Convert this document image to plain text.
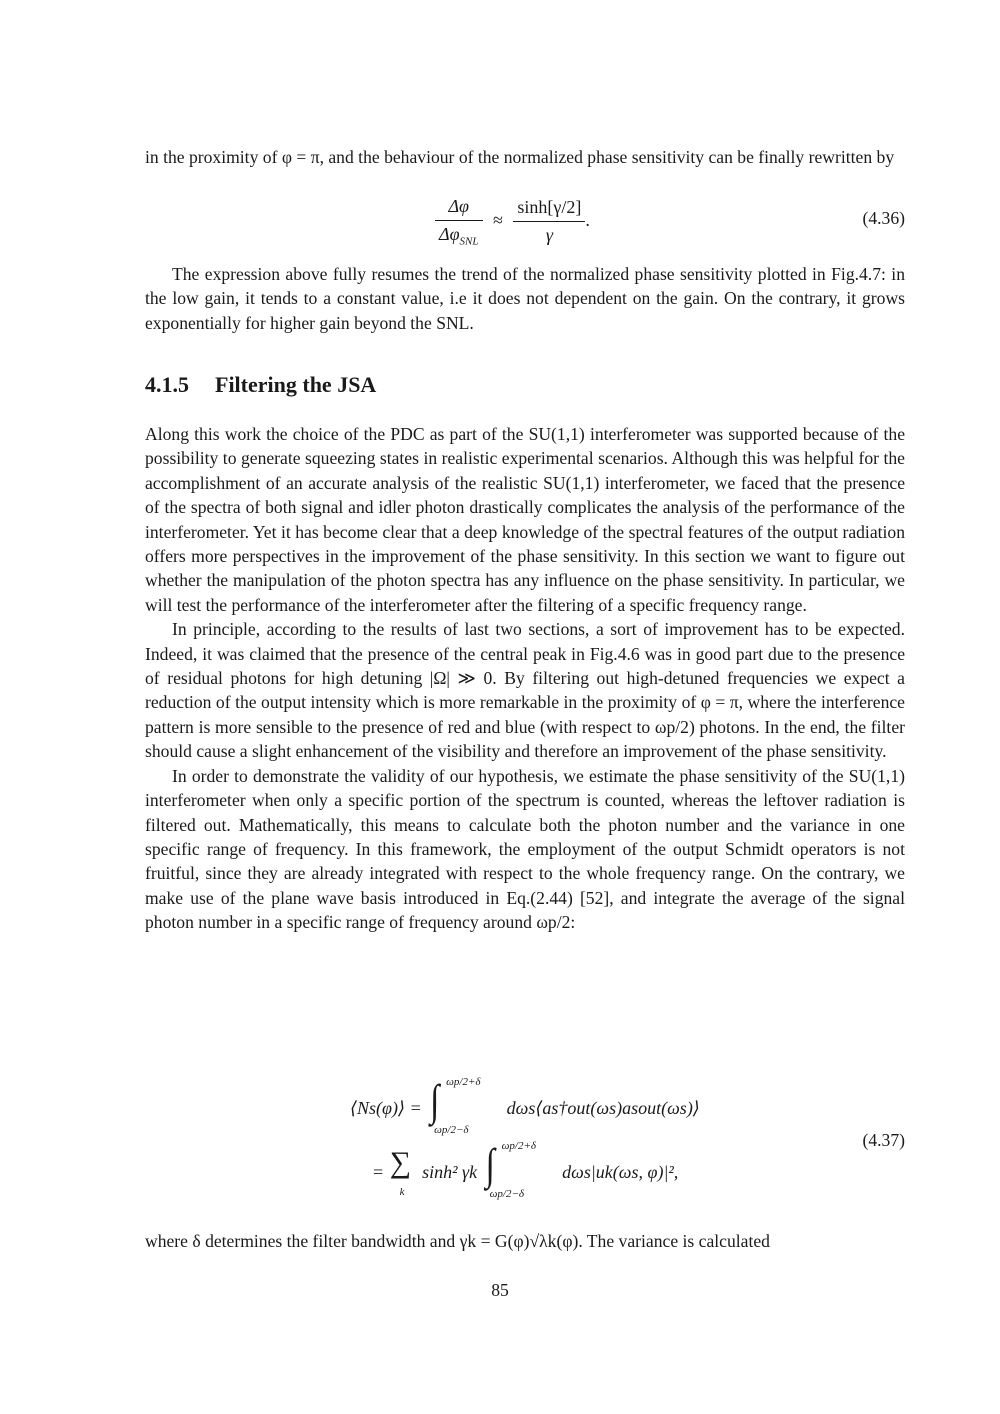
in the proximity of φ = π, and the behaviour of the normalized phase sensitivity can be finally rewritten by

$\frac{\Delta\varphi}{\Delta\varphi_{SNL}} \approx \frac{\sinh[\gamma/2]}{\gamma}$ .	(4.36)

The expression above fully resumes the trend of the normalized phase sensitivity plotted in Fig.4.7: in the low gain, it tends to a constant value, i.e it does not dependent on the gain. On the contrary, it grows exponentially for higher gain beyond the SNL.

4.1.5 Filtering the JSA

Along this work the choice of the PDC as part of the SU(1,1) interferometer was supported because of the possibility to generate squeezing states in realistic experimental scenarios. Although this was helpful for the accomplishment of an accurate analysis of the realistic SU(1,1) interferometer, we faced that the presence of the spectra of both signal and idler photon drastically complicates the analysis of the performance of the interferometer. Yet it has become clear that a deep knowledge of the spectral features of the output radiation offers more perspectives in the improvement of the phase sensitivity. In this section we want to figure out whether the manipulation of the photon spectra has any influence on the phase sensitivity. In particular, we will test the performance of the interferometer after the filtering of a specific frequency range.

In principle, according to the results of last two sections, a sort of improvement has to be expected. Indeed, it was claimed that the presence of the central peak in Fig.4.6 was in good part due to the presence of residual photons for high detuning |Ω| ≫ 0. By filtering out high-detuned frequencies we expect a reduction of the output intensity which is more remarkable in the proximity of φ = π, where the interference pattern is more sensible to the presence of red and blue (with respect to ωp/2) photons. In the end, the filter should cause a slight enhancement of the visibility and therefore an improvement of the phase sensitivity.

In order to demonstrate the validity of our hypothesis, we estimate the phase sensitivity of the SU(1,1) interferometer when only a specific portion of the spectrum is counted, whereas the leftover radiation is filtered out. Mathematically, this means to calculate both the photon number and the variance in one specific range of frequency. In this framework, the employment of the output Schmidt operators is not fruitful, since they are already integrated with respect to the whole frequency range. On the contrary, we make use of the plane wave basis introduced in Eq.(2.44) [52], and integrate the average of the signal photon number in a specific range of frequency around ωp/2:

⟨Ns(φ)⟩ = ∫ ωp/2+δ
ωp/2−δ
dωs⟨as†out(ωs)asout(ωs)⟩
= ∑
k
sinh² γk ∫ ωp/2+δ
ωp/2−δ
dωs|uk(ωs, φ)|²,
(4.37)

where δ determines the filter bandwidth and γk = G(φ)√λk(φ). The variance is calculated

85
